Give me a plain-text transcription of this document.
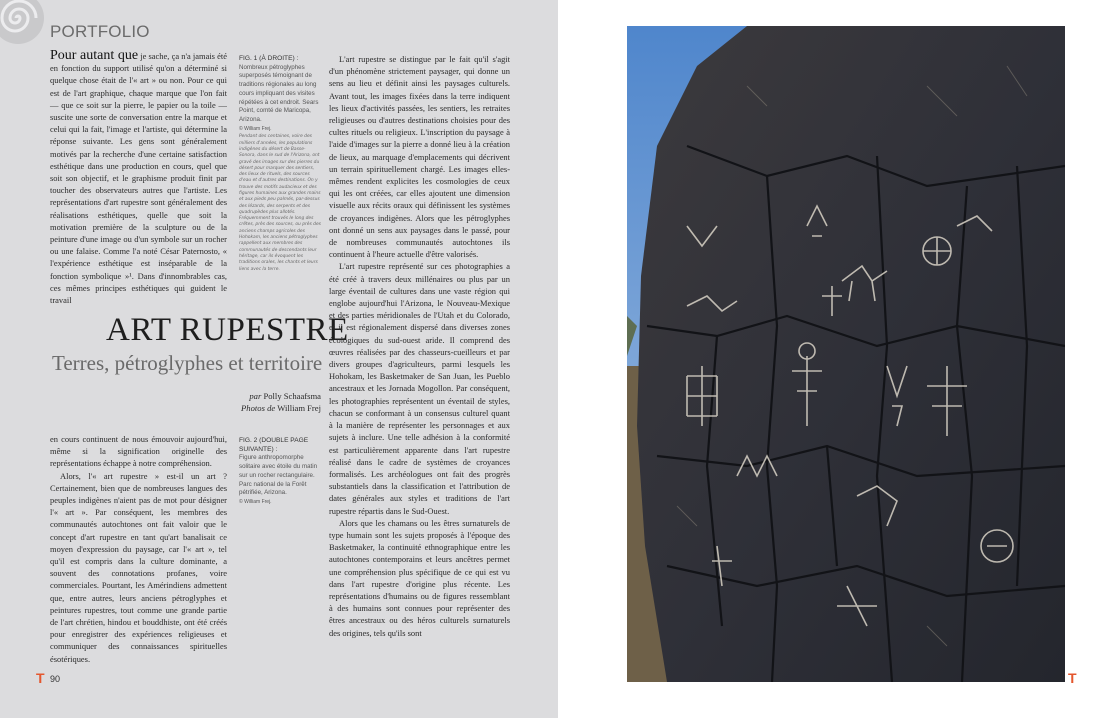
PORTFOLIO

Pour autant que je sache, ça n'a jamais été en fonction du support utilisé qu'on a déterminé si quelque chose était de l'« art » ou non. Pour ce qui est de l'art graphique, chaque marque que l'on fait — que ce soit sur la pierre, le papier ou la toile — suscite une sorte de conversation entre la marque et celui qui la fait, l'image et l'artiste, qui détermine la réponse suivante. Les gens sont généralement motivés par la recherche d'une certaine satisfaction esthétique dans une production en cours, quel que soit son objectif, et le graphisme produit finit par toucher des observateurs autres que l'artiste. Les représentations d'art rupestre sont généralement des réalisations esthétiques, quelle que soit la motivation première de la sculpture ou de la peinture d'une image ou d'un symbole sur un rocher ou une falaise. Comme l'a noté César Paternosto, « l'expérience esthétique est inséparable de la fonction symbolique »¹. Dans d'innombrables cas, ces mêmes principes esthétiques qui guident le travail

FIG. 1 (À DROITE) :
Nombreux pétroglyphes superposés témoignant de traditions régionales au long cours impliquant des visites répétées à cet endroit. Sears Point, comté de Maricopa, Arizona.
© William Frej.
Pendant des centaines, voire des milliers d'années, les populations indigènes du désert de Basse-Sonora, dans le sud de l'Arizona, ont gravé des images sur des pierres du désert pour marquer des sentiers, des lieux de rituels, des sources d'eau et d'autres destinations. On y trouve des motifs audacieux et des figures humaines aux grandes mains et aux pieds peu palmés, par-dessus des lézards, des serpents et des quadrupèdes plus allotés. Fréquemment trouvés le long des crêtes, près des sources, ou près des anciens champs agricoles des Hohokam, les anciens pétroglyphes rappellent aux membres des communautés de descendants leur héritage, car ils évoquent les traditions orales, les chants et leurs liens avec la terre.
ART RUPESTRE
Terres, pétroglyphes et territoire
par Polly Schaafsma
Photos de William Frej

en cours continuent de nous émouvoir aujourd'hui, même si la signification originelle des représentations échappe à notre compréhension.

Alors, l'« art rupestre » est-il un art ? Certainement, bien que de nombreuses langues des peuples indigènes n'aient pas de mot pour désigner l'« art ». Par conséquent, les membres des communautés autochtones ont fait valoir que le concept d'art rupestre en tant qu'art banalisait ce moyen d'expression du paysage, car l'« art », tel qu'il est compris dans la culture dominante, a souvent des connotations profanes, voire commerciales. Pourtant, les Amérindiens admettent que, entre autres, leurs anciens pétroglyphes et peintures rupestres, tout comme une grande partie de l'art chrétien, hindou et bouddhiste, ont été créés pour enregistrer des expériences religieuses et communiquer des connaissances spirituelles ésotériques.

FIG. 2 (DOUBLE PAGE SUIVANTE) :
Figure anthropomorphe solitaire avec étoile du matin sur un rocher rectangulaire. Parc national de la Forêt pétrifiée, Arizona.
© William Frej.

L'art rupestre se distingue par le fait qu'il s'agit d'un phénomène strictement paysager, qui donne un sens au lieu et définit ainsi les paysages culturels. Avant tout, les images fixées dans la terre indiquent les lieux d'activités passées, les sentiers, les retraites religieuses ou d'autres destinations choisies pour des cultes rituels ou religieux. L'inscription du paysage à l'aide d'images sur la pierre a donné lieu à la création de lieux, au marquage d'emplacements qui décrivent un terrain spirituellement chargé. Les images elles-mêmes rendent explicites les cosmologies de ceux qui les ont créées, car elles ajoutent une dimension visuelle aux récits oraux qui définissent les systèmes de croyances indigènes. Alors que les pétroglyphes ont donné un sens aux paysages dans le passé, pour de nombreuses communautés autochtones ils continuent à l'heure actuelle d'être valorisés.

L'art rupestre représenté sur ces photographies a été créé à travers deux millénaires ou plus par un large éventail de cultures dans une vaste région qui englobe aujourd'hui l'Arizona, le Nouveau-Mexique et des parties méridionales de l'Utah et du Colorado, et il est régionalement dispersé dans diverses zones écologiques du sud-ouest aride. Il comprend des œuvres réalisées par des chasseurs-cueilleurs et par divers groupes d'agriculteurs, parmi lesquels les Hohokam, les Basketmaker de San Juan, les Pueblo ancestraux et les Jornada Mogollon. Par conséquent, les photographies représentent un éventail de styles, chacun se conformant à un consensus culturel quant à la manière de représenter les personnages et aux sujets à inclure. Une telle adhésion à la conformité est particulièrement apparente dans l'art rupestre réalisé dans le cadre de systèmes de croyances formalisés. Les archéologues ont fait des progrès substantiels dans la classification et l'attribution de dates générales aux styles et traditions de l'art rupestre répartis dans le Sud-Ouest.

Alors que les chamans ou les êtres surnaturels de type humain sont les sujets proposés à l'époque des Basketmaker, la continuité ethnographique entre les autochtones contemporains et leurs ancêtres permet une compréhension plus spécifique de ce qui est vu dans l'art rupestre d'origine plus récente. Les représentations d'humains ou de figures ressemblant à des humains sont connues pour représenter des êtres ancestraux ou des héros culturels surnaturels des origines, tels qu'ils sont

T 90	T
